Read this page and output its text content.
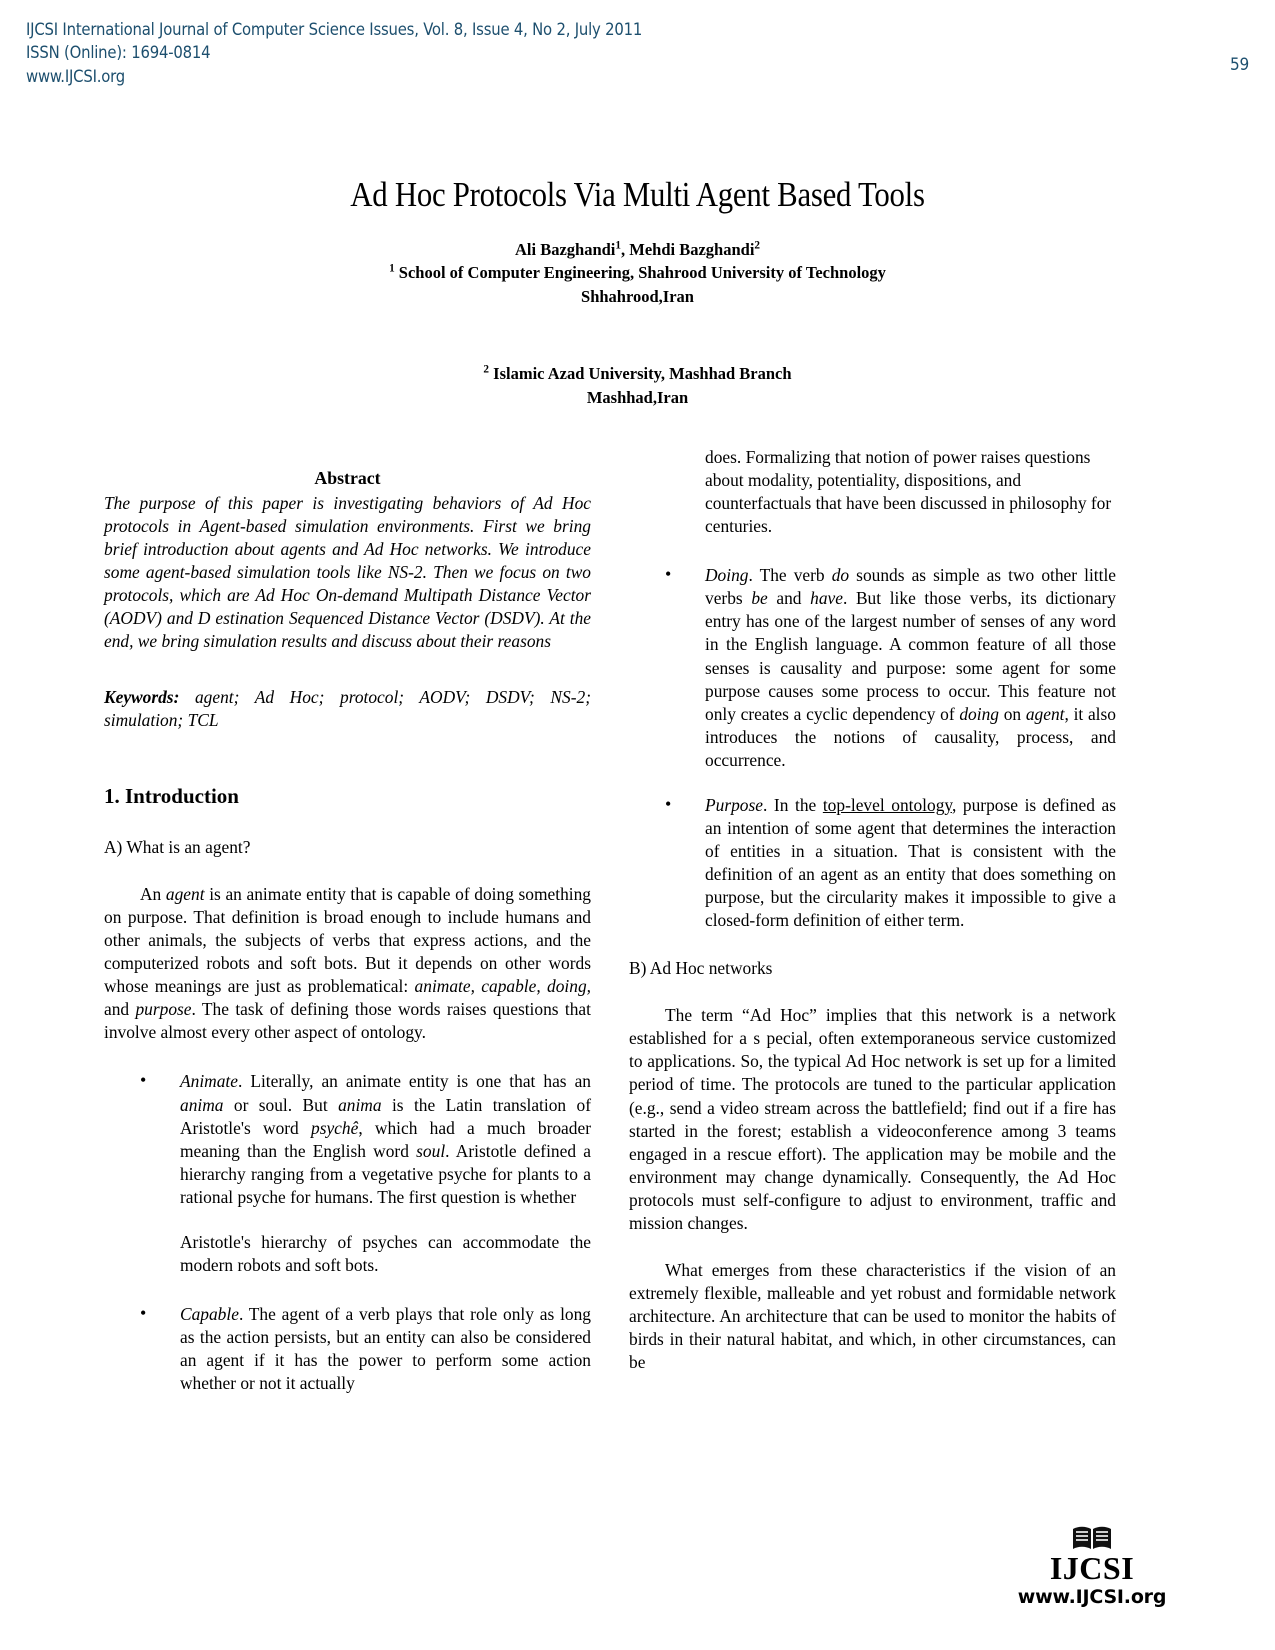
IJCSI International Journal of Computer Science Issues, Vol. 8, Issue 4, No 2, July 2011
ISSN (Online): 1694-0814
www.IJCSI.org
59
Ad Hoc Protocols Via Multi Agent Based Tools
Ali Bazghandi$^1$, Mehdi Bazghandi$^2$
$^1$ School of Computer Engineering, Shahrood University of Technology
Shhahrood,Iran
$^2$ Islamic Azad University, Mashhad Branch
Mashhad,Iran
Abstract

The purpose of this paper is investigating behaviors of Ad Hoc protocols in Agent-based simulation environments. First we bring brief introduction about agents and Ad Hoc networks. We introduce some agent-based simulation tools like NS-2. Then we focus on two protocols, which are Ad Hoc On-demand Multipath Distance Vector (AODV) and D estination Sequenced Distance Vector (DSDV). At the end, we bring simulation results and discuss about their reasons

Keywords: agent; Ad Hoc; protocol; AODV; DSDV; NS-2; simulation; TCL

1. Introduction

A) What is an agent?

An agent is an animate entity that is capable of doing something on purpose. That definition is broad enough to include humans and other animals, the subjects of verbs that express actions, and the computerized robots and soft bots. But it depends on other words whose meanings are just as problematical: animate, capable, doing, and purpose. The task of defining those words raises questions that involve almost every other aspect of ontology.

• Animate. Literally, an animate entity is one that has an anima or soul. But anima is the Latin translation of Aristotle's word psychê, which had a much broader meaning than the English word soul. Aristotle defined a hierarchy ranging from a vegetative psyche for plants to a rational psyche for humans. The first question is whether

Aristotle's hierarchy of psyches can accommodate the modern robots and soft bots.

• Capable. The agent of a verb plays that role only as long as the action persists, but an entity can also be considered an agent if it has the power to perform some action whether or not it actually

does. Formalizing that notion of power raises questions about modality, potentiality, dispositions, and counterfactuals that have been discussed in philosophy for centuries.

• Doing. The verb do sounds as simple as two other little verbs be and have. But like those verbs, its dictionary entry has one of the largest number of senses of any word in the English language. A common feature of all those senses is causality and purpose: some agent for some purpose causes some process to occur. This feature not only creates a cyclic dependency of doing on agent, it also introduces the notions of causality, process, and occurrence.
• Purpose. In the top-level ontology, purpose is defined as an intention of some agent that determines the interaction of entities in a situation. That is consistent with the definition of an agent as an entity that does something on purpose, but the circularity makes it impossible to give a closed-form definition of either term.

B) Ad Hoc networks

The term “Ad Hoc” implies that this network is a network established for a s pecial, often extemporaneous service customized to applications. So, the typical Ad Hoc network is set up for a limited period of time. The protocols are tuned to the particular application (e.g., send a video stream across the battlefield; find out if a fire has started in the forest; establish a videoconference among 3 teams engaged in a rescue effort). The application may be mobile and the environment may change dynamically. Consequently, the Ad Hoc protocols must self-configure to adjust to environment, traffic and mission changes.

What emerges from these characteristics if the vision of an extremely flexible, malleable and yet robust and formidable network architecture. An architecture that can be used to monitor the habits of birds in their natural habitat, and which, in other circumstances, can be

IJCSI
www.IJCSI.org
